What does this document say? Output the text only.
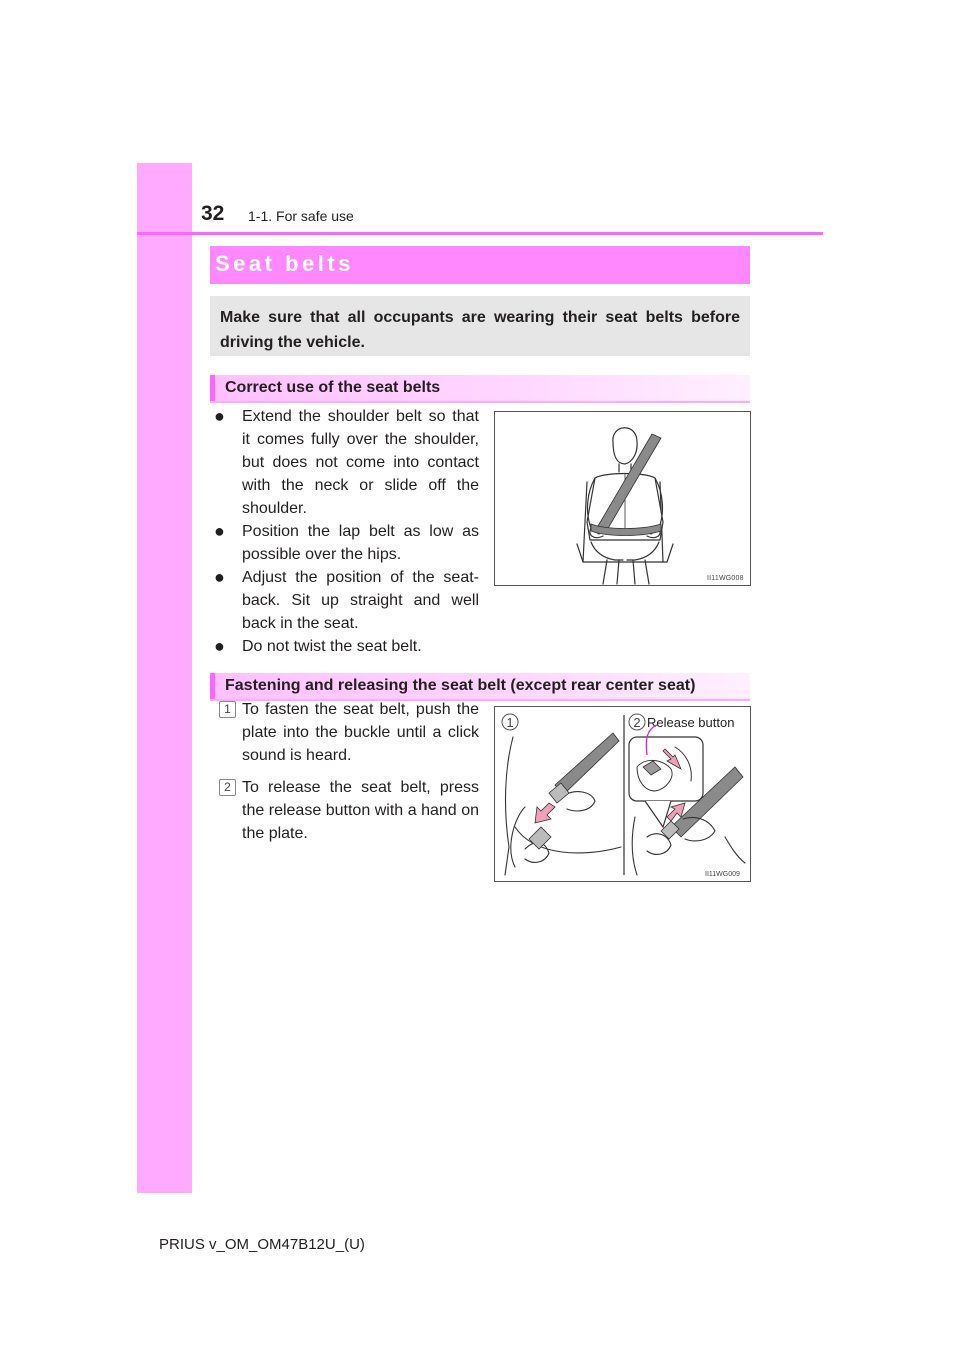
32 1-1. For safe use
Seat belts

Make sure that all occupants are wearing their seat belts before driving the vehicle.

Correct use of the seat belts
● Extend the shoulder belt so that it comes fully over the shoulder, but does not come into contact with the neck or slide off the shoulder.
● Position the lap belt as low as possible over the hips.
● Adjust the position of the seat-back. Sit up straight and well back in the seat.
● Do not twist the seat belt.
II11WG008
Fastening and releasing the seat belt (except rear center seat)
1 To fasten the seat belt, push the plate into the buckle until a click sound is heard.
2 To release the seat belt, press the release button with a hand on the plate.
1	2 Release button
II11WG009
PRIUS v_OM_OM47B12U_(U)
